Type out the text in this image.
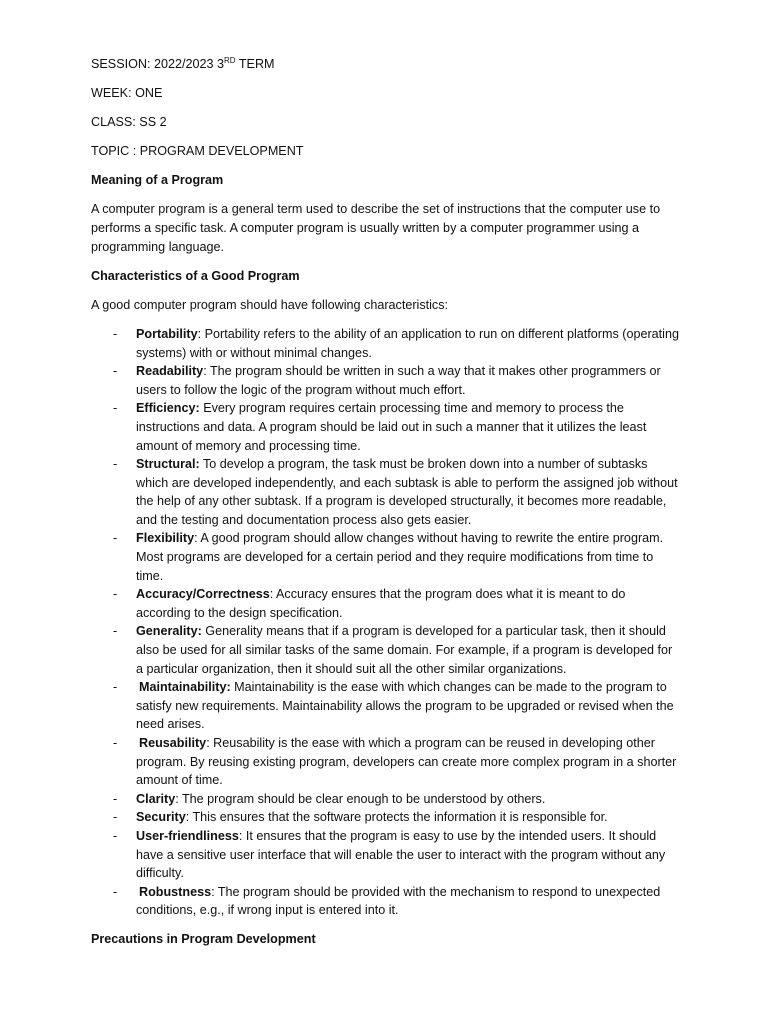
SESSION: 2022/2023 3RD TERM
WEEK: ONE
CLASS: SS 2
TOPIC : PROGRAM DEVELOPMENT
Meaning of a Program
A computer program is a general term used to describe the set of instructions that the computer use to performs a specific task. A computer program is usually written by a computer programmer using a programming language.
Characteristics of a Good Program
A good computer program should have following characteristics:
- Portability: Portability refers to the ability of an application to run on different platforms (operating systems) with or without minimal changes.
- Readability: The program should be written in such a way that it makes other programmers or users to follow the logic of the program without much effort.
- Efficiency: Every program requires certain processing time and memory to process the instructions and data. A program should be laid out in such a manner that it utilizes the least amount of memory and processing time.
- Structural: To develop a program, the task must be broken down into a number of subtasks which are developed independently, and each subtask is able to perform the assigned job without the help of any other subtask. If a program is developed structurally, it becomes more readable, and the testing and documentation process also gets easier.
- Flexibility: A good program should allow changes without having to rewrite the entire program. Most programs are developed for a certain period and they require modifications from time to time.
- Accuracy/Correctness: Accuracy ensures that the program does what it is meant to do according to the design specification.
- Generality: Generality means that if a program is developed for a particular task, then it should also be used for all similar tasks of the same domain. For example, if a program is developed for a particular organization, then it should suit all the other similar organizations.
- Maintainability: Maintainability is the ease with which changes can be made to the program to satisfy new requirements. Maintainability allows the program to be upgraded or revised when the need arises.
- Reusability: Reusability is the ease with which a program can be reused in developing other program. By reusing existing program, developers can create more complex program in a shorter amount of time.
- Clarity: The program should be clear enough to be understood by others.
- Security: This ensures that the software protects the information it is responsible for.
- User-friendliness: It ensures that the program is easy to use by the intended users. It should have a sensitive user interface that will enable the user to interact with the program without any difficulty.
- Robustness: The program should be provided with the mechanism to respond to unexpected conditions, e.g., if wrong input is entered into it.
Precautions in Program Development
